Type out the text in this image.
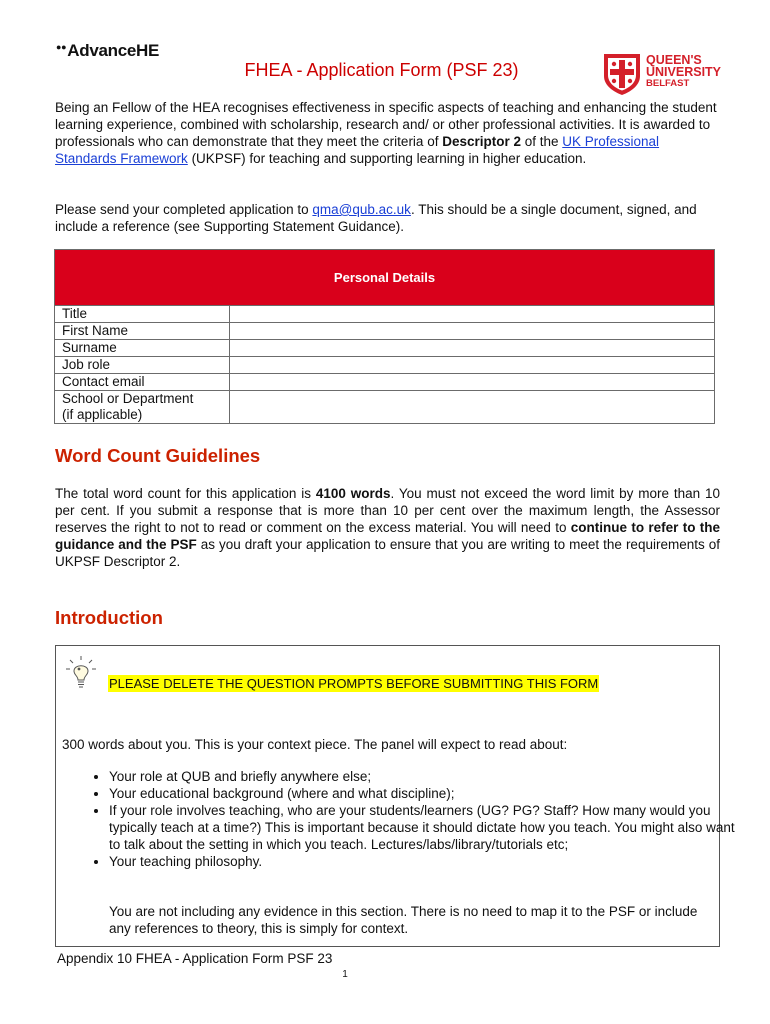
●●AdvanceHE
FHEA - Application Form (PSF 23)	QUEEN'S
UNIVERSITY
BELFAST
Being an Fellow of the HEA recognises effectiveness in specific aspects of teaching and enhancing the student learning experience, combined with scholarship, research and/ or other professional activities. It is awarded to professionals who can demonstrate that they meet the criteria of Descriptor 2 of the UK Professional Standards Framework (UKPSF) for teaching and supporting learning in higher education.
Please send your completed application to qma@qub.ac.uk. This should be a single document, signed, and include a reference (see Supporting Statement Guidance).
Personal Details	
Title	
First Name	
Surname	
Job role	
Contact email	

School or Department
(if applicable)	

Word Count Guidelines
The total word count for this application is 4100 words. You must not exceed the word limit by more than 10 per cent. If you submit a response that is more than 10 per cent over the maximum length, the Assessor reserves the right to not to read or comment on the excess material. You will need to continue to refer to the guidance and the PSF as you draft your application to ensure that you are writing to meet the requirements of UKPSF Descriptor 2.
Introduction
PLEASE DELETE THE QUESTION PROMPTS BEFORE SUBMITTING THIS FORM
300 words about you. This is your context piece. The panel will expect to read about:
• Your role at QUB and briefly anywhere else;
• Your educational background (where and what discipline);
• If your role involves teaching, who are your students/learners (UG? PG? Staff? How many would you typically teach at a time?) This is important because it should dictate how you teach. You might also want to talk about the setting in which you teach. Lectures/labs/library/tutorials etc;
• Your teaching philosophy.
You are not including any evidence in this section. There is no need to map it to the PSF or include any references to theory, this is simply for context.
Appendix 10 FHEA - Application Form PSF 23
1
